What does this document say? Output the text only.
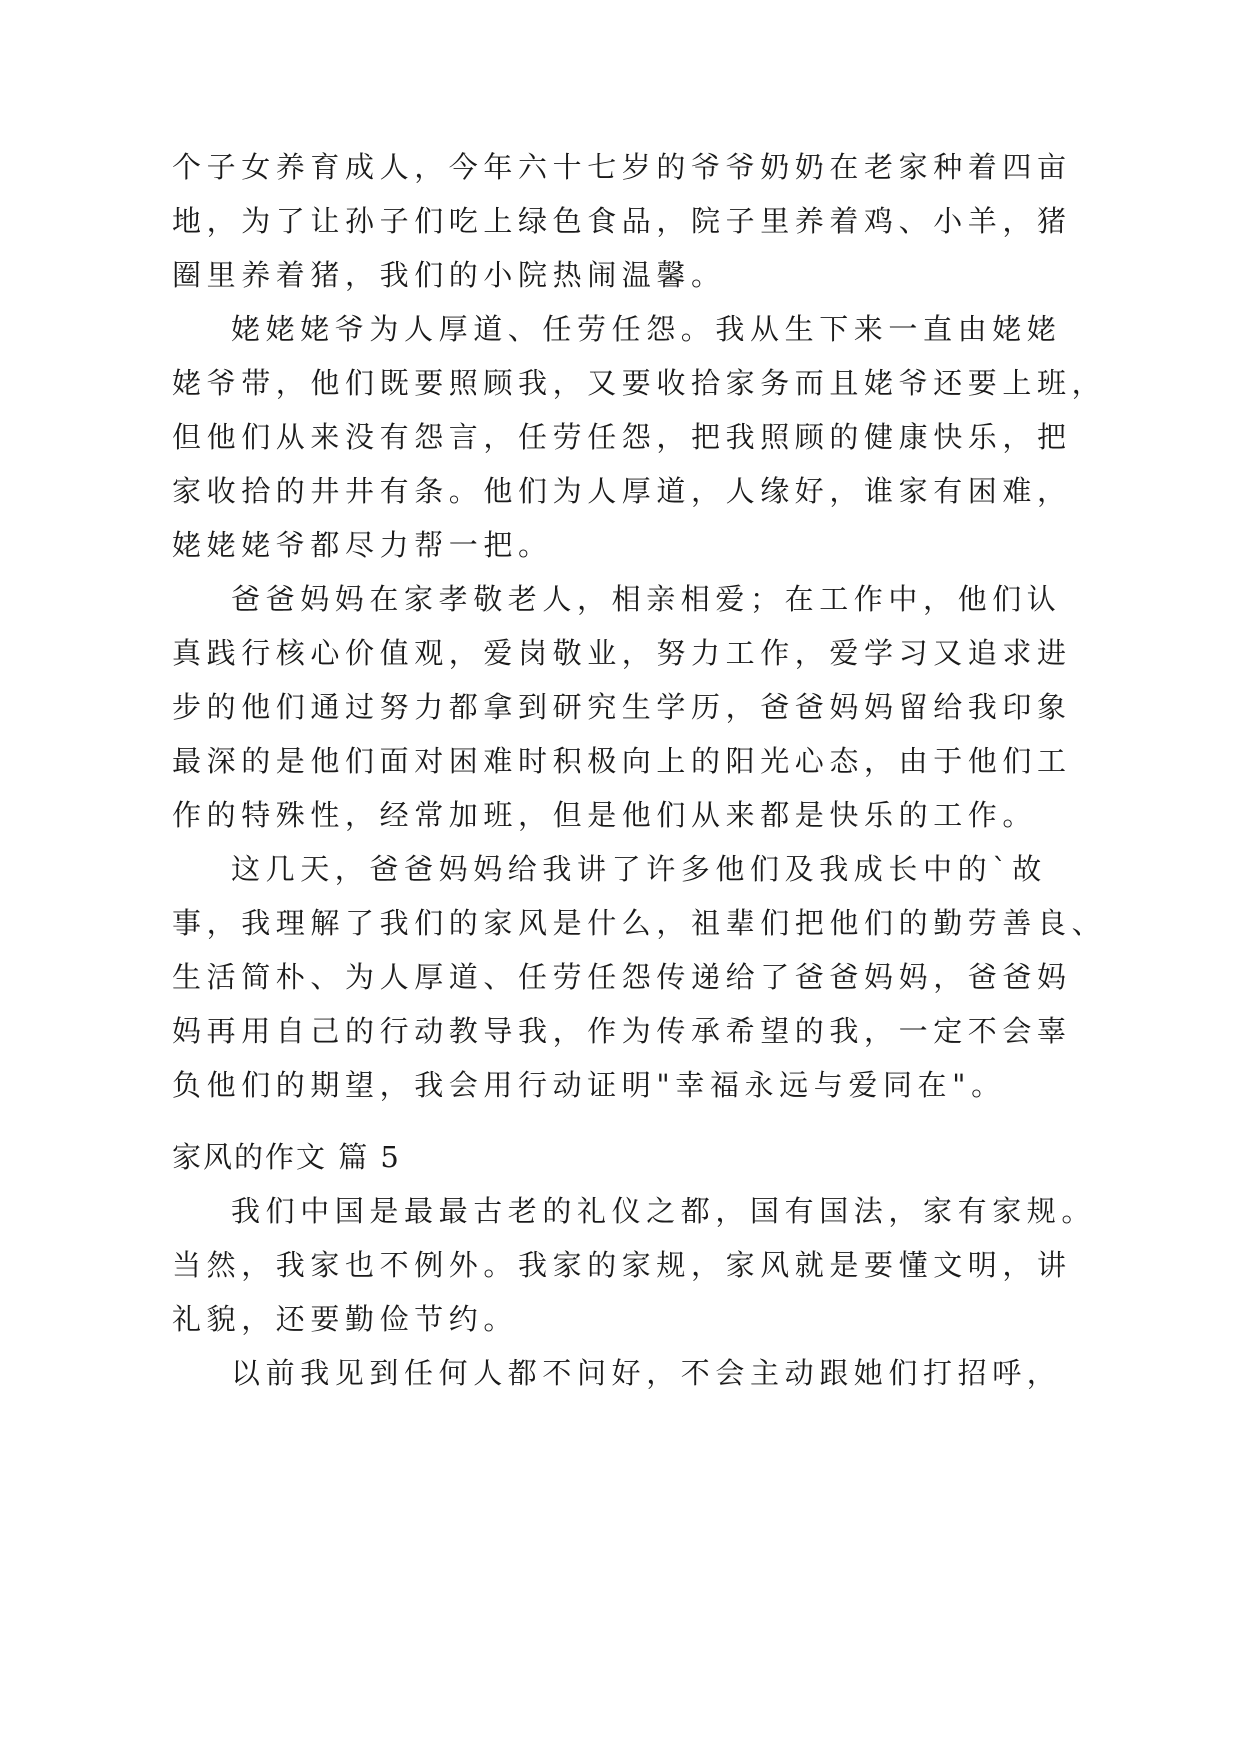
个子女养育成人，今年六十七岁的爷爷奶奶在老家种着四亩
地，为了让孙子们吃上绿色食品，院子里养着鸡、小羊，猪
圈里养着猪，我们的小院热闹温馨。
姥姥姥爷为人厚道、任劳任怨。我从生下来一直由姥姥
姥爷带，他们既要照顾我，又要收拾家务而且姥爷还要上班，
但他们从来没有怨言，任劳任怨，把我照顾的健康快乐，把
家收拾的井井有条。他们为人厚道，人缘好，谁家有困难，
姥姥姥爷都尽力帮一把。
爸爸妈妈在家孝敬老人，相亲相爱；在工作中，他们认
真践行核心价值观，爱岗敬业，努力工作，爱学习又追求进
步的他们通过努力都拿到研究生学历，爸爸妈妈留给我印象
最深的是他们面对困难时积极向上的阳光心态，由于他们工
作的特殊性，经常加班，但是他们从来都是快乐的工作。
这几天，爸爸妈妈给我讲了许多他们及我成长中的`故
事，我理解了我们的家风是什么，祖辈们把他们的勤劳善良、
生活简朴、为人厚道、任劳任怨传递给了爸爸妈妈，爸爸妈
妈再用自己的行动教导我，作为传承希望的我，一定不会辜
负他们的期望，我会用行动证明"幸福永远与爱同在"。
家风的作文 篇 5
我们中国是最最古老的礼仪之都，国有国法，家有家规。
当然，我家也不例外。我家的家规，家风就是要懂文明，讲
礼貌，还要勤俭节约。
以前我见到任何人都不问好，不会主动跟她们打招呼，
